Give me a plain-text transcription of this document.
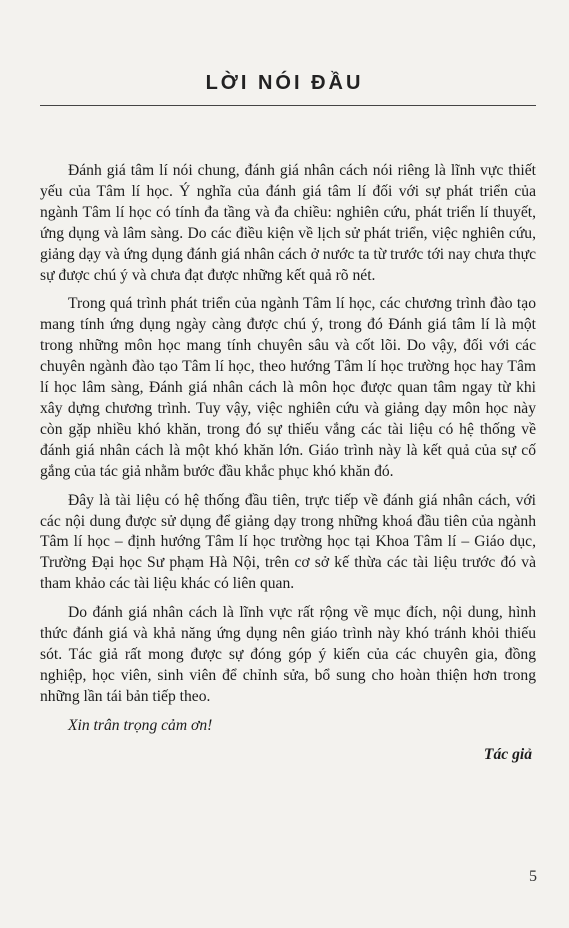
LỜI NÓI ĐẦU

Đánh giá tâm lí nói chung, đánh giá nhân cách nói riêng là lĩnh vực thiết yếu của Tâm lí học. Ý nghĩa của đánh giá tâm lí đối với sự phát triển của ngành Tâm lí học có tính đa tầng và đa chiều: nghiên cứu, phát triển lí thuyết, ứng dụng và lâm sàng. Do các điều kiện về lịch sử phát triển, việc nghiên cứu, giảng dạy và ứng dụng đánh giá nhân cách ở nước ta từ trước tới nay chưa thực sự được chú ý và chưa đạt được những kết quả rõ nét.

Trong quá trình phát triển của ngành Tâm lí học, các chương trình đào tạo mang tính ứng dụng ngày càng được chú ý, trong đó Đánh giá tâm lí là một trong những môn học mang tính chuyên sâu và cốt lõi. Do vậy, đối với các chuyên ngành đào tạo Tâm lí học, theo hướng Tâm lí học trường học hay Tâm lí học lâm sàng, Đánh giá nhân cách là môn học được quan tâm ngay từ khi xây dựng chương trình. Tuy vậy, việc nghiên cứu và giảng dạy môn học này còn gặp nhiều khó khăn, trong đó sự thiếu vắng các tài liệu có hệ thống về đánh giá nhân cách là một khó khăn lớn. Giáo trình này là kết quả của sự cố gắng của tác giả nhằm bước đầu khắc phục khó khăn đó.

Đây là tài liệu có hệ thống đầu tiên, trực tiếp về đánh giá nhân cách, với các nội dung được sử dụng để giảng dạy trong những khoá đầu tiên của ngành Tâm lí học – định hướng Tâm lí học trường học tại Khoa Tâm lí – Giáo dục, Trường Đại học Sư phạm Hà Nội, trên cơ sở kế thừa các tài liệu trước đó và tham khảo các tài liệu khác có liên quan.

Do đánh giá nhân cách là lĩnh vực rất rộng về mục đích, nội dung, hình thức đánh giá và khả năng ứng dụng nên giáo trình này khó tránh khỏi thiếu sót. Tác giả rất mong được sự đóng góp ý kiến của các chuyên gia, đồng nghiệp, học viên, sinh viên để chỉnh sửa, bổ sung cho hoàn thiện hơn trong những lần tái bản tiếp theo.

Xin trân trọng cảm ơn!

Tác giả

5
